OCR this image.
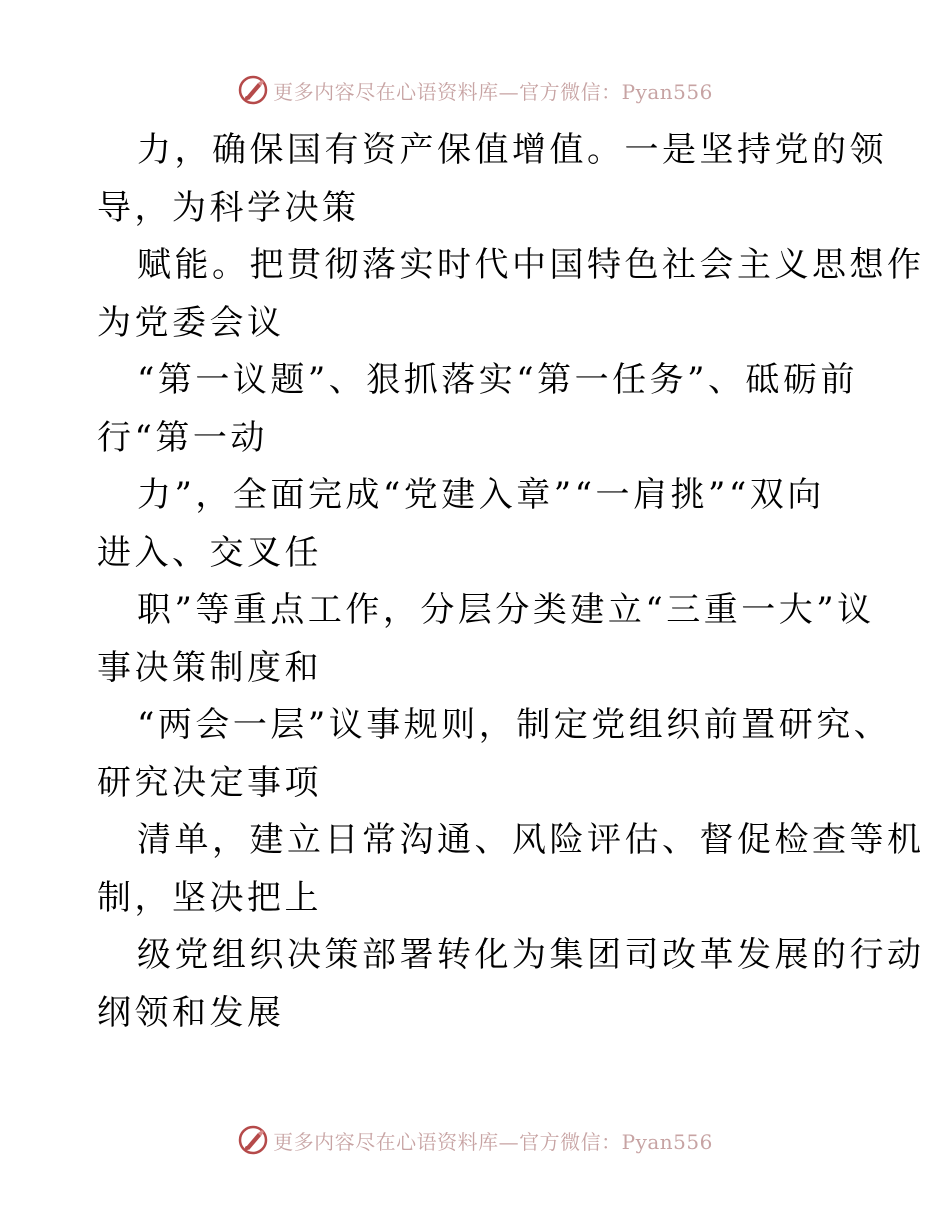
更多内容尽在心语资料库—官方微信：Pyan556
力，确保国有资产保值增值。一是坚持党的领
导，为科学决策
赋能。把贯彻落实时代中国特色社会主义思想作
为党委会议
“第一议题”、狠抓落实“第一任务”、砥砺前
行“第一动
力”，全面完成“党建入章”“一肩挑”“双向
进入、交叉任
职”等重点工作，分层分类建立“三重一大”议
事决策制度和
“两会一层”议事规则，制定党组织前置研究、
研究决定事项
清单，建立日常沟通、风险评估、督促检查等机
制，坚决把上
级党组织决策部署转化为集团司改革发展的行动
纲领和发展
更多内容尽在心语资料库—官方微信：Pyan556
